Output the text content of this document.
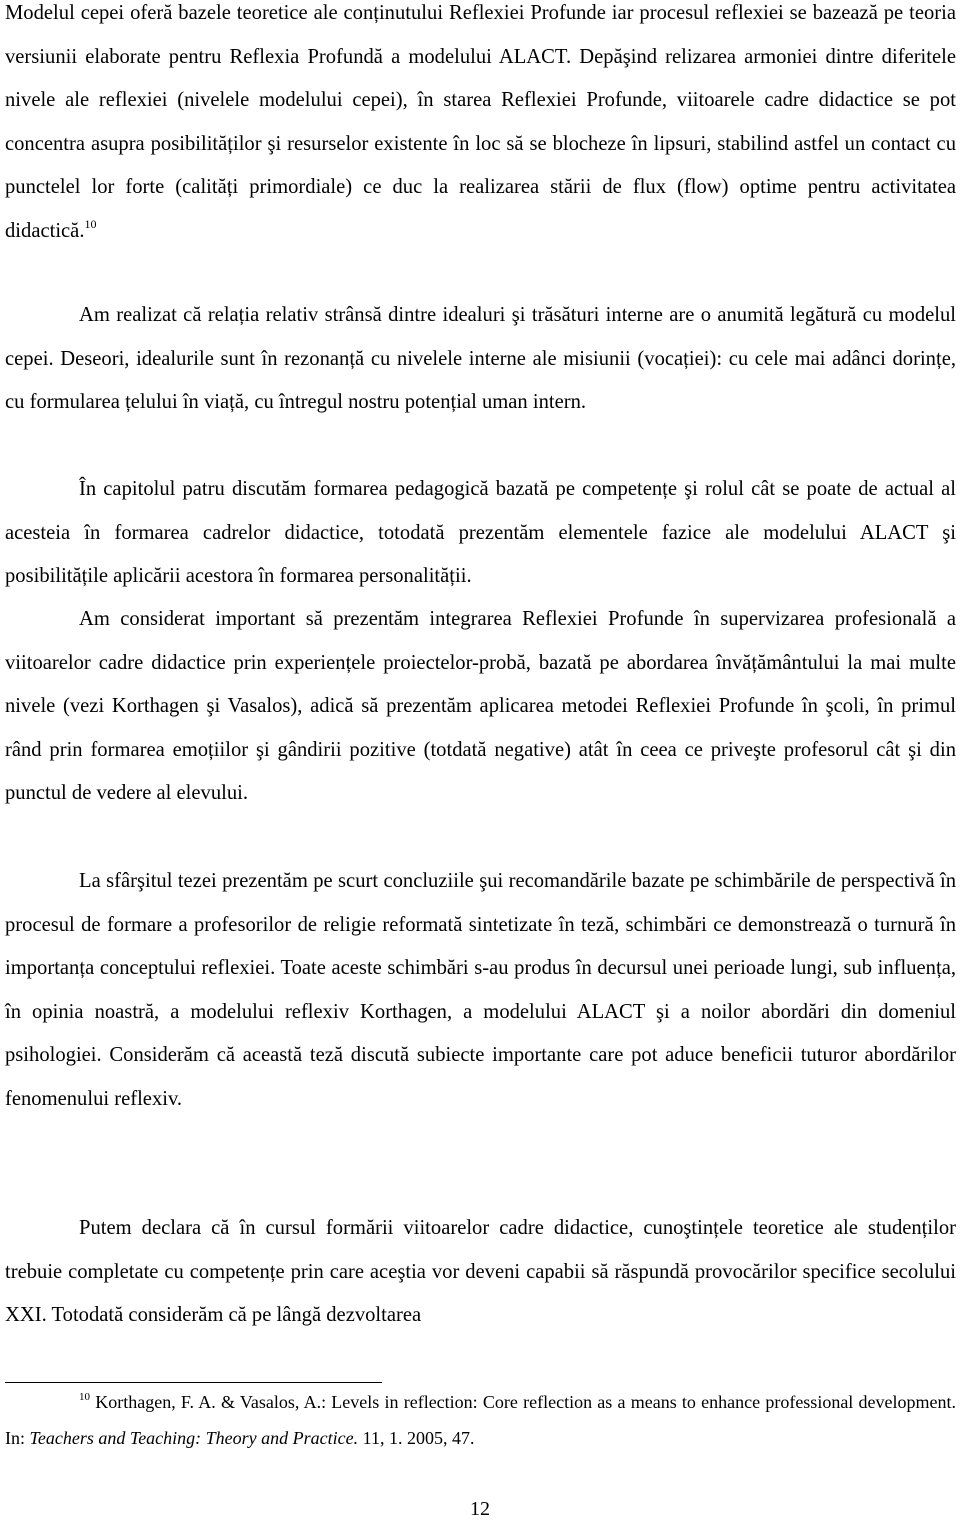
Modelul cepei oferă bazele teoretice ale conținutului Reflexiei Profunde iar procesul reflexiei se bazează pe teoria versiunii elaborate pentru Reflexia Profundă a modelului ALACT. Depăşind relizarea armoniei dintre diferitele nivele ale reflexiei (nivelele modelului cepei), în starea Reflexiei Profunde, viitoarele cadre didactice se pot concentra asupra posibilităților şi resurselor existente în loc să se blocheze în lipsuri, stabilind astfel un contact cu punctelel lor forte (calități primordiale) ce duc la realizarea stării de flux (flow) optime pentru activitatea didactică.$^{10}$

Am realizat că relația relativ strânsă dintre idealuri şi trăsături interne are o anumită legătură cu modelul cepei. Deseori, idealurile sunt în rezonanță cu nivelele interne ale misiunii (vocației): cu cele mai adânci dorințe, cu formularea țelului în viață, cu întregul nostru potențial uman intern.

În capitolul patru discutăm formarea pedagogică bazată pe competențe şi rolul cât se poate de actual al acesteia în formarea cadrelor didactice, totodată prezentăm elementele fazice ale modelului ALACT şi posibilitățile aplicării acestora în formarea personalității.

Am considerat important să prezentăm integrarea Reflexiei Profunde în supervizarea profesională a viitoarelor cadre didactice prin experiențele proiectelor-probă, bazată pe abordarea învățământului la mai multe nivele (vezi Korthagen şi Vasalos), adică să prezentăm aplicarea metodei Reflexiei Profunde în şcoli, în primul rând prin formarea emoțiilor şi gândirii pozitive (totdată negative) atât în ceea ce priveşte profesorul cât şi din punctul de vedere al elevului.

La sfârşitul tezei prezentăm pe scurt concluziile şui recomandările bazate pe schimbările de perspectivă în procesul de formare a profesorilor de religie reformată sintetizate în teză, schimbări ce demonstrează o turnură în importanța conceptului reflexiei. Toate aceste schimbări s-au produs în decursul unei perioade lungi, sub influența, în opinia noastră, a modelului reflexiv Korthagen, a modelului ALACT şi a noilor abordări din domeniul psihologiei. Considerăm că această teză discută subiecte importante care pot aduce beneficii tuturor abordărilor fenomenului reflexiv.

Putem declara că în cursul formării viitoarelor cadre didactice, cunoştințele teoretice ale studenților trebuie completate cu competențe prin care aceştia vor deveni capabii să răspundă provocărilor specifice secolului XXI. Totodată considerăm că pe lângă dezvoltarea

$^{10}$ Korthagen, F. A. & Vasalos, A.: Levels in reflection: Core reflection as a means to enhance professional development. In: Teachers and Teaching: Theory and Practice. 11, 1. 2005, 47.

12
